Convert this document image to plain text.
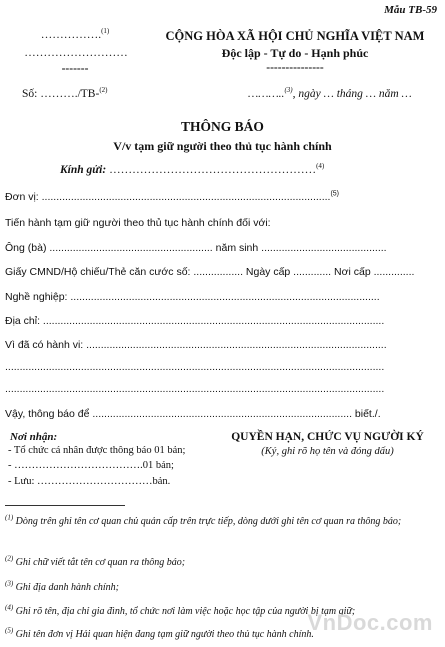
Mẫu TB-59
…………….$^{(1)}$
………………………
-------
Số: ………./TB-$^{(2)}$
CỘNG HÒA XÃ HỘI CHỦ NGHĨA VIỆT NAM
Độc lập - Tự do - Hạnh phúc
---------------
………..$^{(3)}$, ngày … tháng … năm …
THÔNG BÁO
V/v tạm giữ người theo thủ tục hành chính
Kính gửi: ………………………………………………$^{(4)}$
Đơn vị: ...................................................................................................$^{(5)}$
Tiến hành tạm giữ người theo thủ tục hành chính đối với:
Ông (bà) ........................................................ năm sinh ...........................................
Giấy CMND/Hộ chiếu/Thẻ căn cước số: ................. Ngày cấp ............. Nơi cấp ..............
Nghề nghiệp: ..........................................................................................................
Địa chỉ: .....................................................................................................................
Vì đã có hành vi: .......................................................................................................
..................................................................................................................................
..................................................................................................................................
Vậy, thông báo để ......................................................................................... biết./.
Nơi nhận:
- Tổ chức cá nhân được thông báo 01 bản;
- ……………………………….01 bản;
- Lưu: ……………………………bản.
QUYỀN HẠN, CHỨC VỤ NGƯỜI KÝ
(Ký, ghi rõ họ tên và đóng dấu)
$^{(1)}$ Dòng trên ghi tên cơ quan chủ quản cấp trên trực tiếp, dòng dưới ghi tên cơ quan ra thông báo;
$^{(2)}$ Ghi chữ viết tắt tên cơ quan ra thông báo;
$^{(3)}$ Ghi địa danh hành chính;
$^{(4)}$ Ghi rõ tên, địa chỉ gia đình, tổ chức nơi làm việc hoặc học tập của người bị tạm giữ;
$^{(5)}$ Ghi tên đơn vị Hải quan hiện đang tạm giữ người theo thủ tục hành chính.
VnDoc.com
